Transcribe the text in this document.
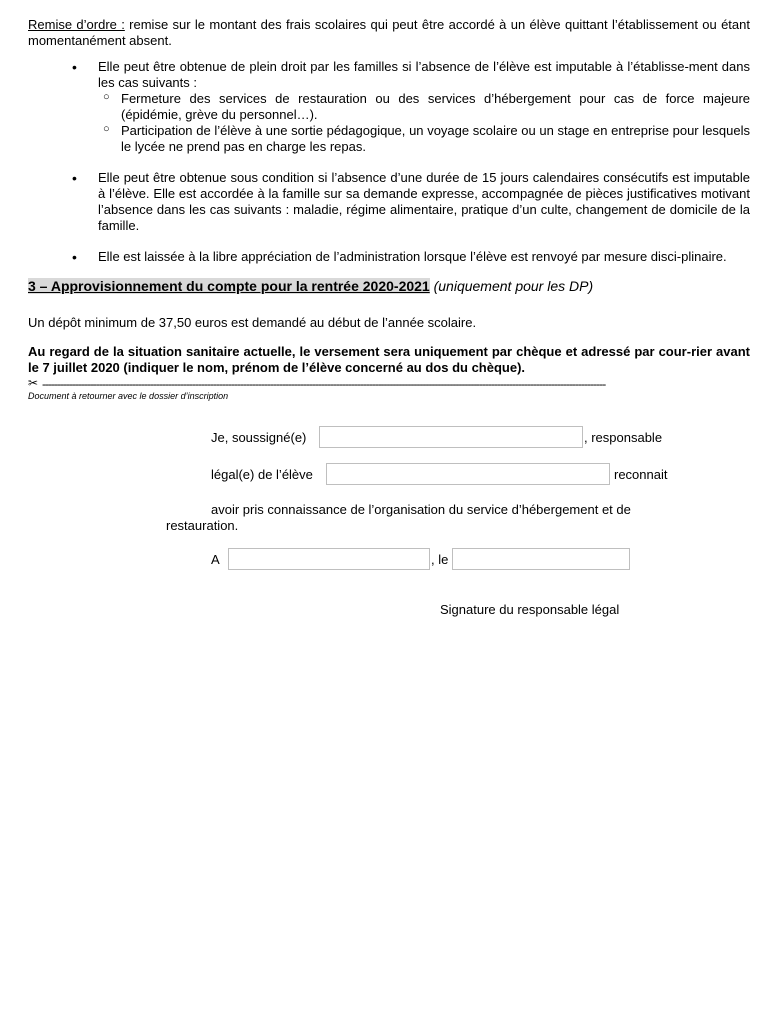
Remise d’ordre : remise sur le montant des frais scolaires qui peut être accordé à un élève quittant l’établissement ou étant momentanément absent.

• Elle peut être obtenue de plein droit par les familles si l’absence de l’élève est imputable à l’établisse-ment dans les cas suivants :
○ Fermeture des services de restauration ou des services d’hébergement pour cas de force majeure (épidémie, grève du personnel…).
○ Participation de l’élève à une sortie pédagogique, un voyage scolaire ou un stage en entreprise pour lesquels le lycée ne prend pas en charge les repas.
• Elle peut être obtenue sous condition si l’absence d’une durée de 15 jours calendaires consécutifs est imputable à l’élève. Elle est accordée à la famille sur sa demande expresse, accompagnée de pièces justificatives motivant l’absence dans les cas suivants : maladie, régime alimentaire, pratique d’un culte, changement de domicile de la famille.
• Elle est laissée à la libre appréciation de l’administration lorsque l’élève est renvoyé par mesure disci-plinaire.

3 – Approvisionnement du compte pour la rentrée 2020-2021 (uniquement pour les DP)

Un dépôt minimum de 37,50 euros est demandé au début de l’année scolaire.

Au regard de la situation sanitaire actuelle, le versement sera uniquement par chèque et adressé par cour-rier avant le 7 juillet 2020 (indiquer le nom, prénom de l’élève concerné au dos du chèque).

✂ --------------------------------------------------------------------------------------------------------------------------------------------------------------------------------------------

Document à retourner avec le dossier d’inscription

Je, soussigné(e)	, responsable
légal(e) de l’élève	reconnait
avoir pris connaissance de l’organisation du service d’hébergement et de
restauration.
A	, le
Signature du responsable légal
